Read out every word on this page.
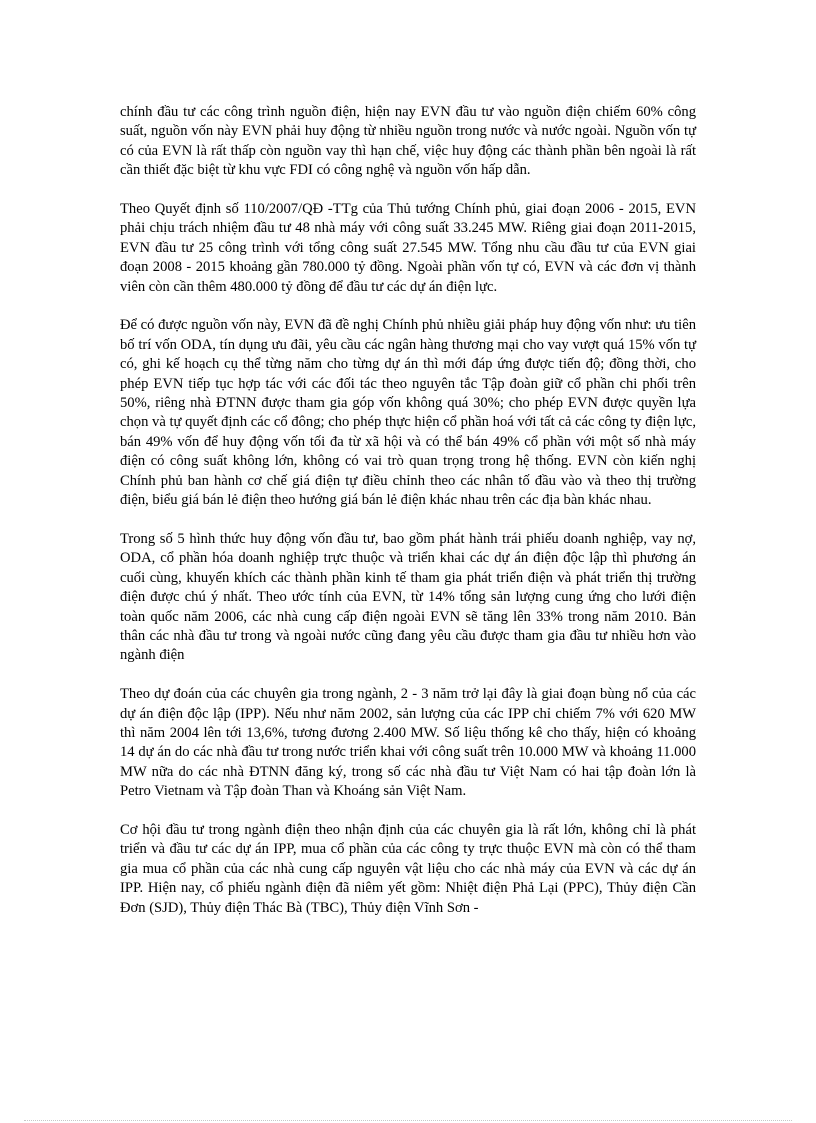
chính đầu tư các công trình nguồn điện, hiện nay EVN đầu tư vào nguồn điện chiếm 60% công suất, nguồn vốn này EVN phải huy động từ nhiều nguồn trong nước và nước ngoài. Nguồn vốn tự có của EVN là rất thấp còn nguồn vay thì hạn chế, việc huy động các thành phần bên ngoài là rất cần thiết đặc biệt từ khu vực FDI có công nghệ và nguồn vốn hấp dẫn.

Theo Quyết định số 110/2007/QĐ -TTg của Thủ tướng Chính phủ, giai đoạn 2006 - 2015, EVN phải chịu trách nhiệm đầu tư 48 nhà máy với công suất 33.245 MW. Riêng giai đoạn 2011-2015, EVN đầu tư 25 công trình với tổng công suất 27.545 MW. Tổng nhu cầu đầu tư của EVN giai đoạn 2008 - 2015 khoảng gần 780.000 tỷ đồng. Ngoài phần vốn tự có, EVN và các đơn vị thành viên còn cần thêm 480.000 tỷ đồng để đầu tư các dự án điện lực.

Để có được nguồn vốn này, EVN đã đề nghị Chính phủ nhiều giải pháp huy động vốn như: ưu tiên bố trí vốn ODA, tín dụng ưu đãi, yêu cầu các ngân hàng thương mại cho vay vượt quá 15% vốn tự có, ghi kế hoạch cụ thể từng năm cho từng dự án thì mới đáp ứng được tiến độ; đồng thời, cho phép EVN tiếp tục hợp tác với các đối tác theo nguyên tắc Tập đoàn giữ cổ phần chi phối trên 50%, riêng nhà ĐTNN được tham gia góp vốn không quá 30%; cho phép EVN được quyền lựa chọn và tự quyết định các cổ đông; cho phép thực hiện cổ phần hoá với tất cả các công ty điện lực, bán 49% vốn để huy động vốn tối đa từ xã hội và có thể bán 49% cổ phần với một số nhà máy điện có công suất không lớn, không có vai trò quan trọng trong hệ thống. EVN còn kiến nghị Chính phủ ban hành cơ chế giá điện tự điều chỉnh theo các nhân tố đầu vào và theo thị trường điện, biểu giá bán lẻ điện theo hướng giá bán lẻ điện khác nhau trên các địa bàn khác nhau.

Trong số 5 hình thức huy động vốn đầu tư, bao gồm phát hành trái phiếu doanh nghiệp, vay nợ, ODA, cổ phần hóa doanh nghiệp trực thuộc và triển khai các dự án điện độc lập thì phương án cuối cùng, khuyến khích các thành phần kinh tế tham gia phát triển điện và phát triển thị trường điện được chú ý nhất. Theo ước tính của EVN, từ 14% tổng sản lượng cung ứng cho lưới điện toàn quốc năm 2006, các nhà cung cấp điện ngoài EVN sẽ tăng lên 33% trong năm 2010. Bản thân các nhà đầu tư trong và ngoài nước cũng đang yêu cầu được tham gia đầu tư nhiều hơn vào ngành điện

Theo dự đoán của các chuyên gia trong ngành, 2 - 3 năm trở lại đây là giai đoạn bùng nổ của các dự án điện độc lập (IPP). Nếu như năm 2002, sản lượng của các IPP chỉ chiếm 7% với 620 MW thì năm 2004 lên tới 13,6%, tương đương 2.400 MW. Số liệu thống kê cho thấy, hiện có khoảng 14 dự án do các nhà đầu tư trong nước triển khai với công suất trên 10.000 MW và khoảng 11.000 MW nữa do các nhà ĐTNN đăng ký, trong số các nhà đầu tư Việt Nam có hai tập đoàn lớn là Petro Vietnam và Tập đoàn Than và Khoáng sản Việt Nam.

Cơ hội đầu tư trong ngành điện theo nhận định của các chuyên gia là rất lớn, không chỉ là phát triển và đầu tư các dự án IPP, mua cổ phần của các công ty trực thuộc EVN mà còn có thể tham gia mua cổ phần của các nhà cung cấp nguyên vật liệu cho các nhà máy của EVN và các dự án IPP. Hiện nay, cổ phiếu ngành điện đã niêm yết gồm: Nhiệt điện Phả Lại (PPC), Thủy điện Cần Đơn (SJD), Thủy điện Thác Bà (TBC), Thủy điện Vĩnh Sơn -
